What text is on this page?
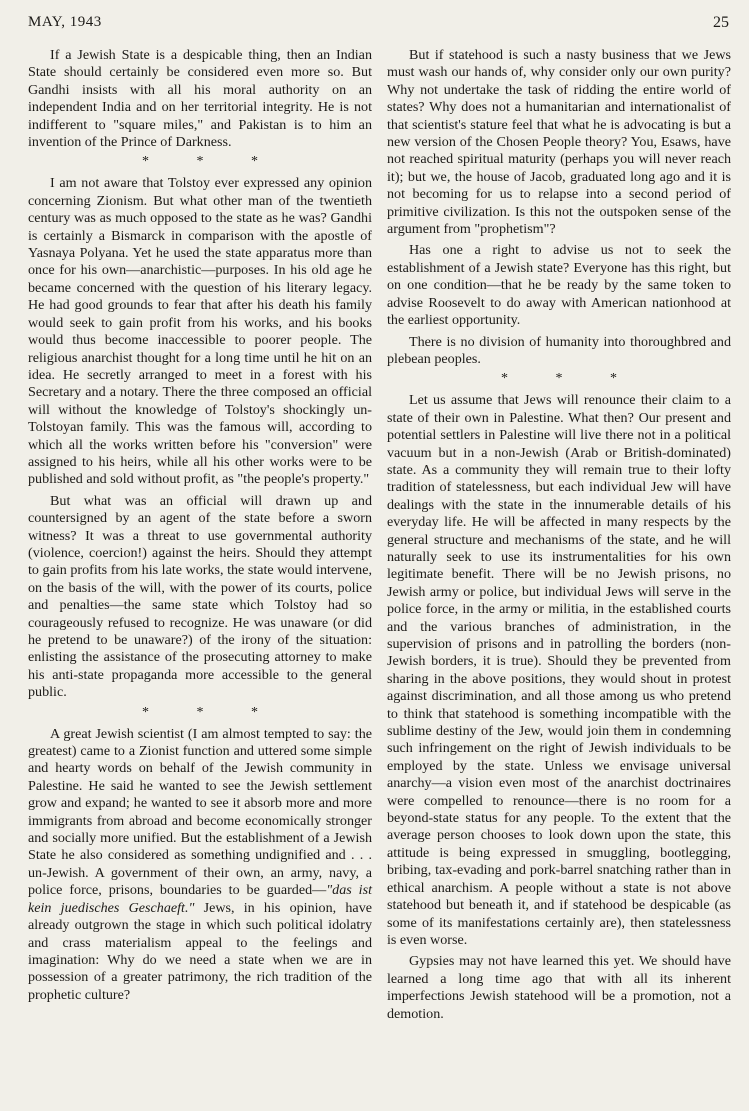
MAY, 1943	25

If a Jewish State is a despicable thing, then an Indian State should certainly be considered even more so. But Gandhi insists with all his moral authority on an independent India and on her territorial integrity. He is not indifferent to "square miles," and Pakistan is to him an invention of the Prince of Darkness.

* * *

I am not aware that Tolstoy ever expressed any opinion concerning Zionism. But what other man of the twentieth century was as much opposed to the state as he was? Gandhi is certainly a Bismarck in comparison with the apostle of Yasnaya Polyana. Yet he used the state apparatus more than once for his own—anarchistic—purposes. In his old age he became concerned with the question of his literary legacy. He had good grounds to fear that after his death his family would seek to gain profit from his works, and his books would thus become inaccessible to poorer people. The religious anarchist thought for a long time until he hit on an idea. He secretly arranged to meet in a forest with his Secretary and a notary. There the three composed an official will without the knowledge of Tolstoy's shockingly un-Tolstoyan family. This was the famous will, according to which all the works written before his "conversion" were assigned to his heirs, while all his other works were to be published and sold without profit, as "the people's property."

But what was an official will drawn up and countersigned by an agent of the state before a sworn witness? It was a threat to use governmental authority (violence, coercion!) against the heirs. Should they attempt to gain profits from his late works, the state would intervene, on the basis of the will, with the power of its courts, police and penalties—the same state which Tolstoy had so courageously refused to recognize. He was unaware (or did he pretend to be unaware?) of the irony of the situation: enlisting the assistance of the prosecuting attorney to make his anti-state propaganda more accessible to the general public.

* * *

A great Jewish scientist (I am almost tempted to say: the greatest) came to a Zionist function and uttered some simple and hearty words on behalf of the Jewish community in Palestine. He said he wanted to see the Jewish settlement grow and expand; he wanted to see it absorb more and more immigrants from abroad and become economically stronger and socially more unified. But the establishment of a Jewish State he also considered as something undignified and . . . un-Jewish. A government of their own, an army, navy, a police force, prisons, boundaries to be guarded—"das ist kein juedisches Geschaeft." Jews, in his opinion, have already outgrown the stage in which such political idolatry and crass materialism appeal to the feelings and imagination: Why do we need a state when we are in possession of a greater patrimony, the rich tradition of the prophetic culture?

But if statehood is such a nasty business that we Jews must wash our hands of, why consider only our own purity? Why not undertake the task of ridding the entire world of states? Why does not a humanitarian and internationalist of that scientist's stature feel that what he is advocating is but a new version of the Chosen People theory? You, Esaws, have not reached spiritual maturity (perhaps you will never reach it); but we, the house of Jacob, graduated long ago and it is not becoming for us to relapse into a second period of primitive civilization. Is this not the outspoken sense of the argument from "prophetism"?

Has one a right to advise us not to seek the establishment of a Jewish state? Everyone has this right, but on one condition—that he be ready by the same token to advise Roosevelt to do away with American nationhood at the earliest opportunity.

There is no division of humanity into thoroughbred and plebean peoples.

* * *

Let us assume that Jews will renounce their claim to a state of their own in Palestine. What then? Our present and potential settlers in Palestine will live there not in a political vacuum but in a non-Jewish (Arab or British-dominated) state. As a community they will remain true to their lofty tradition of statelessness, but each individual Jew will have dealings with the state in the innumerable details of his everyday life. He will be affected in many respects by the general structure and mechanisms of the state, and he will naturally seek to use its instrumentalities for his own legitimate benefit. There will be no Jewish prisons, no Jewish army or police, but individual Jews will serve in the police force, in the army or militia, in the established courts and the various branches of administration, in the supervision of prisons and in patrolling the borders (non-Jewish borders, it is true). Should they be prevented from sharing in the above positions, they would shout in protest against discrimination, and all those among us who pretend to think that statehood is something incompatible with the sublime destiny of the Jew, would join them in condemning such infringement on the right of Jewish individuals to be employed by the state. Unless we envisage universal anarchy—a vision even most of the anarchist doctrinaires were compelled to renounce—there is no room for a beyond-state status for any people. To the extent that the average person chooses to look down upon the state, this attitude is being expressed in smuggling, bootlegging, bribing, tax-evading and pork-barrel snatching rather than in ethical anarchism. A people without a state is not above statehood but beneath it, and if statehood be despicable (as some of its manifestations certainly are), then statelessness is even worse.

Gypsies may not have learned this yet. We should have learned a long time ago that with all its inherent imperfections Jewish statehood will be a promotion, not a demotion.
